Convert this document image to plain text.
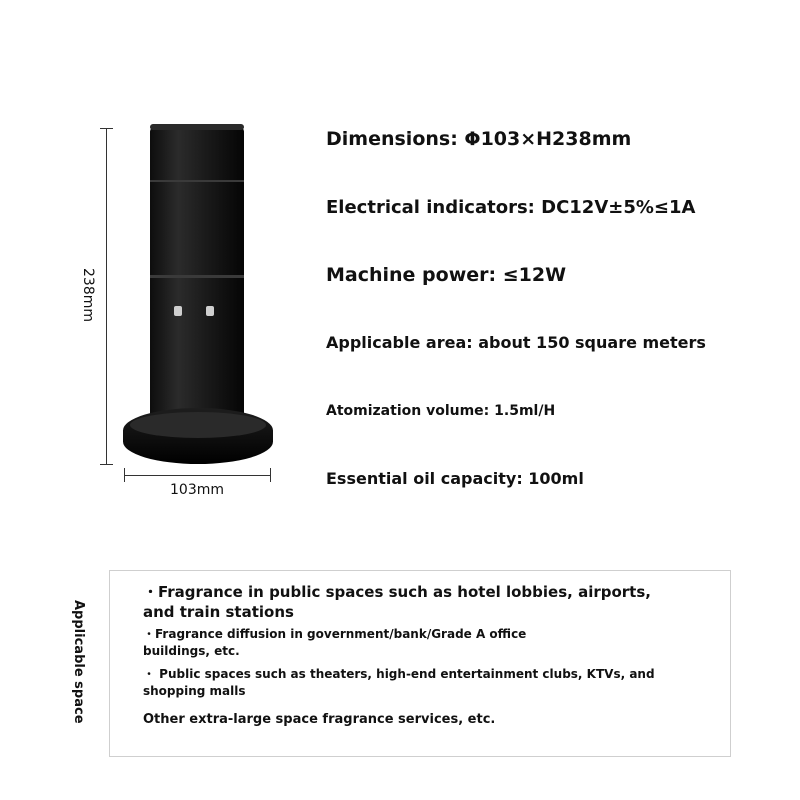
238mm
103mm
Dimensions: Φ103×H238mm
Electrical indicators: DC12V±5%≤1A
Machine power: ≤12W
Applicable area: about 150 square meters
Atomization volume: 1.5ml/H
Essential oil capacity: 100ml
Applicable space
・Fragrance in public spaces such as hotel lobbies, airports, and train stations
・Fragrance diffusion in government/bank/Grade A office buildings, etc.
・ Public spaces such as theaters, high-end entertainment clubs, KTVs, and shopping malls
Other extra-large space fragrance services, etc.
